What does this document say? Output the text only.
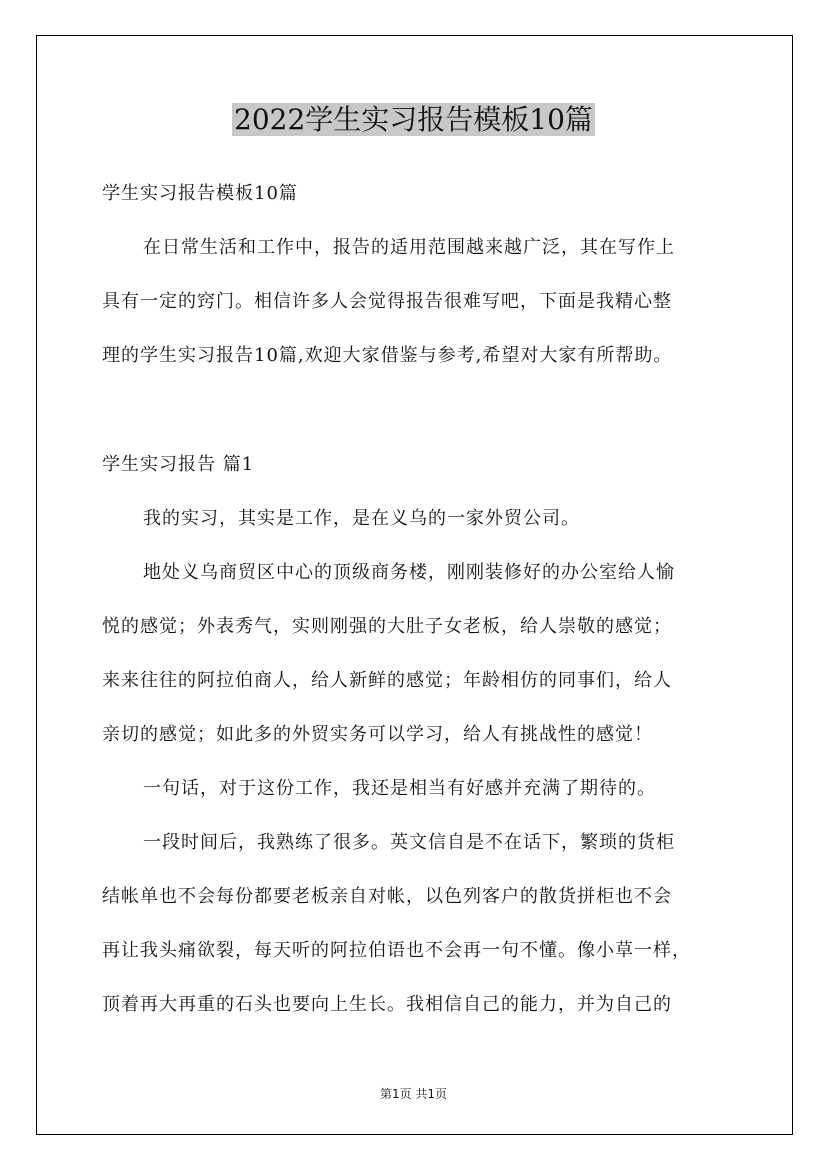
2022学生实习报告模板10篇
学生实习报告模板10篇
在日常生活和工作中，报告的适用范围越来越广泛，其在写作上
具有一定的窍门。相信许多人会觉得报告很难写吧，下面是我精心整
理的学生实习报告10篇,欢迎大家借鉴与参考,希望对大家有所帮助。
学生实习报告 篇1
我的实习，其实是工作，是在义乌的一家外贸公司。
地处义乌商贸区中心的顶级商务楼，刚刚装修好的办公室给人愉
悦的感觉；外表秀气，实则刚强的大肚子女老板，给人崇敬的感觉；
来来往往的阿拉伯商人，给人新鲜的感觉；年龄相仿的同事们，给人
亲切的感觉；如此多的外贸实务可以学习，给人有挑战性的感觉！
一句话，对于这份工作，我还是相当有好感并充满了期待的。
一段时间后，我熟练了很多。英文信自是不在话下，繁琐的货柜
结帐单也不会每份都要老板亲自对帐，以色列客户的散货拼柜也不会
再让我头痛欲裂，每天听的阿拉伯语也不会再一句不懂。像小草一样，
顶着再大再重的石头也要向上生长。我相信自己的能力，并为自己的
第1页 共1页
